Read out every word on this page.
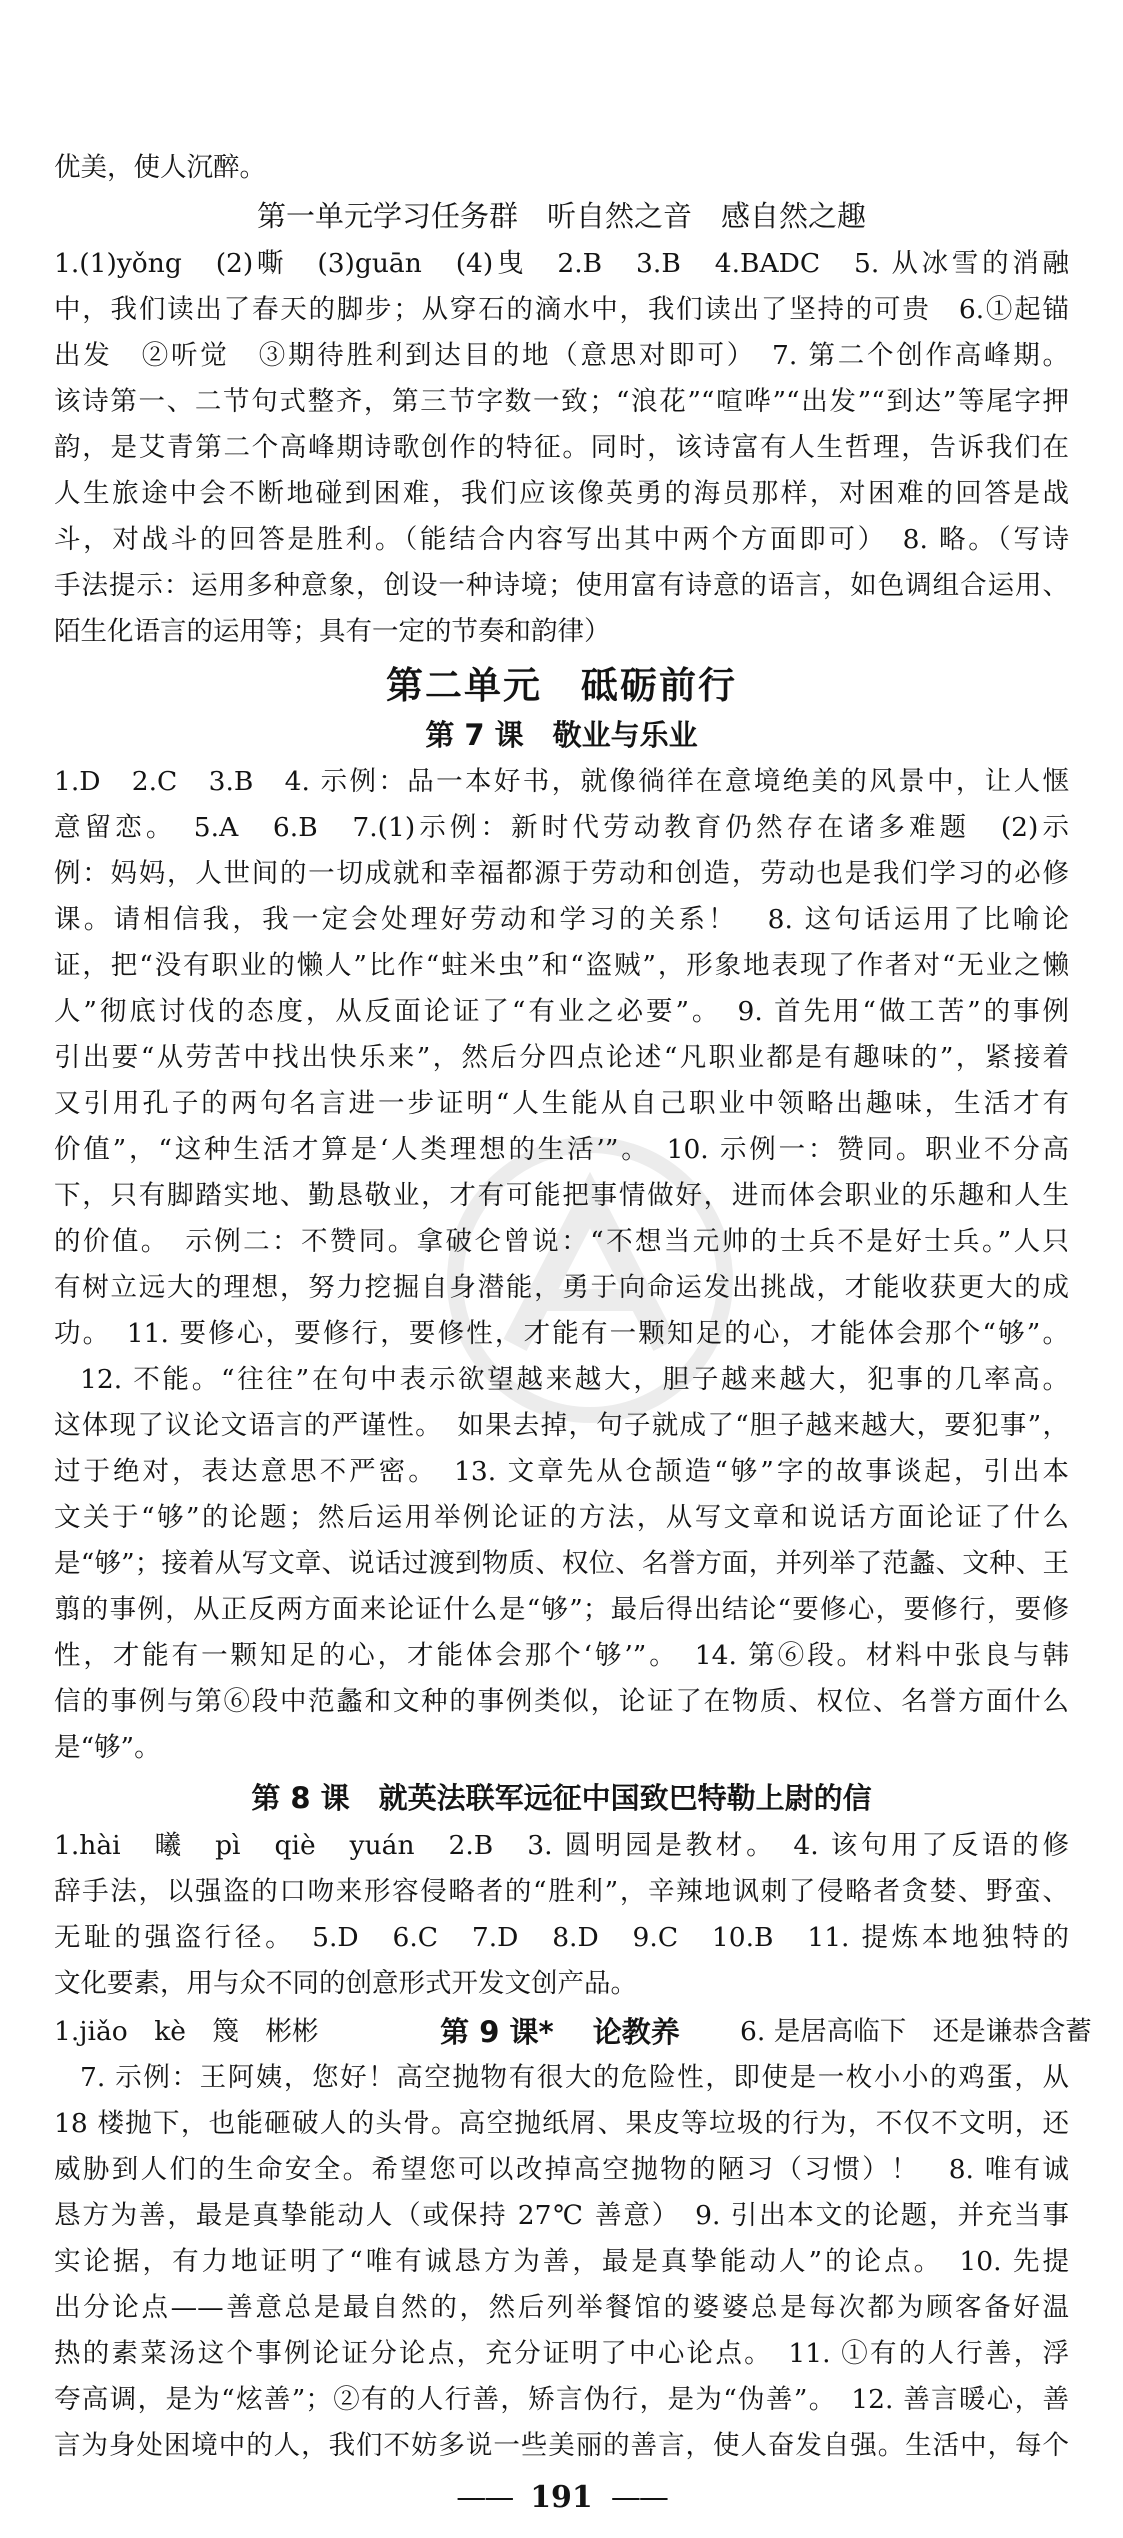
优美，使人沉醉。
第一单元学习任务群　听自然之音　感自然之趣
1.(1)yǒng　(2)嘶　(3)guān　(4)曳　2.B　3.B　4.BADC　5. 从冰雪的消融
中，我们读出了春天的脚步；从穿石的滴水中，我们读出了坚持的可贵　6.①起锚
出发　②听觉　③期待胜利到达目的地（意思对即可）　7. 第二个创作高峰期。
该诗第一、二节句式整齐，第三节字数一致；“浪花”“喧哗”“出发”“到达”等尾字押
韵，是艾青第二个高峰期诗歌创作的特征。同时，该诗富有人生哲理，告诉我们在
人生旅途中会不断地碰到困难，我们应该像英勇的海员那样，对困难的回答是战
斗，对战斗的回答是胜利。（能结合内容写出其中两个方面即可）　8. 略。（写诗
手法提示：运用多种意象，创设一种诗境；使用富有诗意的语言，如色调组合运用、
陌生化语言的运用等；具有一定的节奏和韵律）
第二单元　砥砺前行
第 7 课　敬业与乐业
1.D　2.C　3.B　4. 示例：品一本好书，就像徜徉在意境绝美的风景中，让人惬
意留恋。　5.A　6.B　7.(1)示例：新时代劳动教育仍然存在诸多难题　(2)示
例：妈妈，人世间的一切成就和幸福都源于劳动和创造，劳动也是我们学习的必修
课。请相信我，我一定会处理好劳动和学习的关系！　8. 这句话运用了比喻论
证，把“没有职业的懒人”比作“蛀米虫”和“盗贼”，形象地表现了作者对“无业之懒
人”彻底讨伐的态度，从反面论证了“有业之必要”。　9. 首先用“做工苦”的事例
引出要“从劳苦中找出快乐来”，然后分四点论述“凡职业都是有趣味的”，紧接着
又引用孔子的两句名言进一步证明“人生能从自己职业中领略出趣味，生活才有
价值”，“这种生活才算是‘人类理想的生活’”。　10. 示例一：赞同。职业不分高
下，只有脚踏实地、勤恳敬业，才有可能把事情做好，进而体会职业的乐趣和人生
的价值。　示例二：不赞同。拿破仑曾说：“不想当元帅的士兵不是好士兵。”人只
有树立远大的理想，努力挖掘自身潜能，勇于向命运发出挑战，才能收获更大的成
功。　11. 要修心，要修行，要修性，才能有一颗知足的心，才能体会那个“够”。
12. 不能。“往往”在句中表示欲望越来越大，胆子越来越大，犯事的几率高。
这体现了议论文语言的严谨性。　如果去掉，句子就成了“胆子越来越大，要犯事”，
过于绝对，表达意思不严密。　13. 文章先从仓颉造“够”字的故事谈起，引出本
文关于“够”的论题；然后运用举例论证的方法，从写文章和说话方面论证了什么
是“够”；接着从写文章、说话过渡到物质、权位、名誉方面，并列举了范蠡、文种、王
翦的事例，从正反两方面来论证什么是“够”；最后得出结论“要修心，要修行，要修
性，才能有一颗知足的心，才能体会那个‘够’”。　14. 第⑥段。材料中张良与韩
信的事例与第⑥段中范蠡和文种的事例类似，论证了在物质、权位、名誉方面什么
是“够”。
第 8 课　就英法联军远征中国致巴特勒上尉的信
1.hài　曦　pì　qiè　yuán　2.B　3. 圆明园是教材。　4. 该句用了反语的修
辞手法，以强盗的口吻来形容侵略者的“胜利”，辛辣地讽刺了侵略者贪婪、野蛮、
无耻的强盗行径。　5.D　6.C　7.D　8.D　9.C　10.B　11. 提炼本地独特的
文化要素，用与众不同的创意形式开发文创产品。
1.jiǎo　kè　篾　彬彬	第 9 课* 　论教养	6. 是居高临下　还是谦恭含蓄
7. 示例：王阿姨，您好！高空抛物有很大的危险性，即使是一枚小小的鸡蛋，从
18 楼抛下，也能砸破人的头骨。高空抛纸屑、果皮等垃圾的行为，不仅不文明，还
威胁到人们的生命安全。希望您可以改掉高空抛物的陋习（习惯）！　8. 唯有诚
恳方为善，最是真挚能动人（或保持 27℃ 善意）　9. 引出本文的论题，并充当事
实论据，有力地证明了“唯有诚恳方为善，最是真挚能动人”的论点。　10. 先提
出分论点——善意总是最自然的，然后列举餐馆的婆婆总是每次都为顾客备好温
热的素菜汤这个事例论证分论点，充分证明了中心论点。　11. ①有的人行善，浮
夸高调，是为“炫善”；②有的人行善，矫言伪行，是为“伪善”。　12. 善言暖心，善
言为身处困境中的人，我们不妨多说一些美丽的善言，使人奋发自强。生活中，每个
—— 191 ——
